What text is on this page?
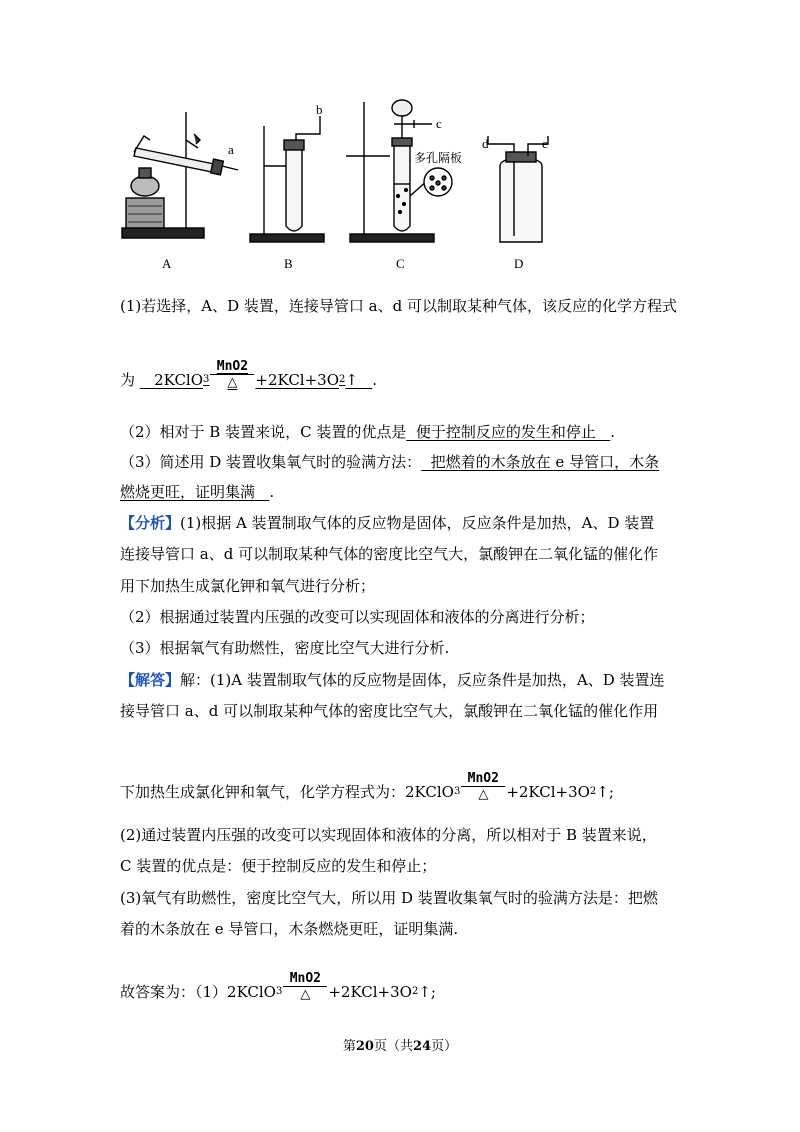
A	B	C	D
a
b
c
d	e
多孔隔板
(1)若选择，A、D 装置，连接导管口 a、d 可以制取某种气体，该反应的化学方程式
为 2KClO $3 \frac{\text{MnO2}}{\triangle} +2KCl+3O$ 2 ↑ .
（2）相对于 B 装置来说，C 装置的优点是 便于控制反应的发生和停止 .
（3）简述用 D 装置收集氧气时的验满方法： 把燃着的木条放在 e 导管口，木条
燃烧更旺，证明集满 .
【分析】(1)根据 A 装置制取气体的反应物是固体，反应条件是加热，A、D 装置
连接导管口 a、d 可以制取某种气体的密度比空气大，氯酸钾在二氧化锰的催化作
用下加热生成氯化钾和氧气进行分析；
（2）根据通过装置内压强的改变可以实现固体和液体的分离进行分析；
（3）根据氧气有助燃性，密度比空气大进行分析.
【解答】解：(1)A 装置制取气体的反应物是固体，反应条件是加热，A、D 装置连
接导管口 a、d 可以制取某种气体的密度比空气大，氯酸钾在二氧化锰的催化作用
下加热生成氯化钾和氧气，化学方程式为： 2KClO $3 \frac{\text{MnO2}}{\triangle} +2KCl+3O$ 2 ↑ ;
(2)通过装置内压强的改变可以实现固体和液体的分离，所以相对于 B 装置来说，
C 装置的优点是：便于控制反应的发生和停止；
(3)氧气有助燃性，密度比空气大，所以用 D 装置收集氧气时的验满方法是：把燃
着的木条放在 e 导管口，木条燃烧更旺，证明集满.
故答案为：（1） 2KClO $3 \frac{\text{MnO2}}{\triangle} +2KCl+3O$ 2 ↑ ;
第20页（共24页）
